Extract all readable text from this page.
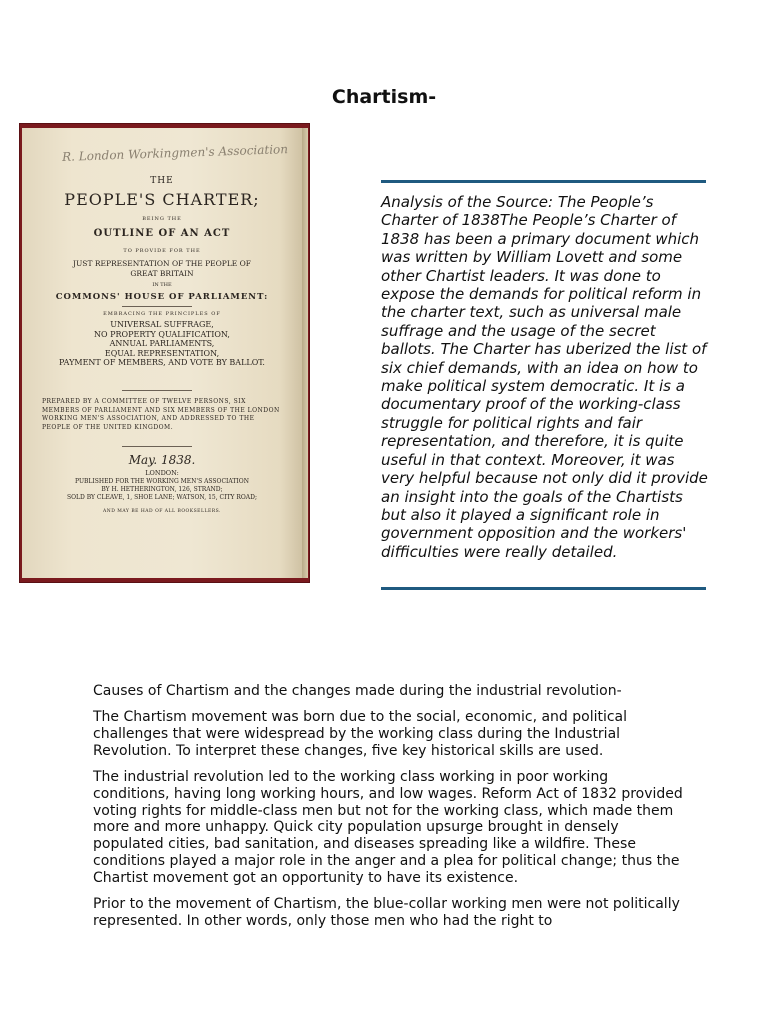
Chartism-
R. London Workingmen's Association
THE
PEOPLE'S CHARTER;
BEING THE
OUTLINE OF AN ACT
TO PROVIDE FOR THE
JUST REPRESENTATION OF THE PEOPLE OF
GREAT BRITAIN
IN THE
COMMONS' HOUSE OF PARLIAMENT:
EMBRACING THE PRINCIPLES OF
UNIVERSAL SUFFRAGE,
NO PROPERTY QUALIFICATION,
ANNUAL PARLIAMENTS,
EQUAL REPRESENTATION,
PAYMENT OF MEMBERS, AND VOTE BY BALLOT.
PREPARED BY A COMMITTEE OF TWELVE PERSONS, SIX MEMBERS OF PARLIAMENT AND SIX MEMBERS OF THE LONDON WORKING MEN'S ASSOCIATION, AND ADDRESSED TO THE PEOPLE OF THE UNITED KINGDOM.
May. 1838.
LONDON:
PUBLISHED FOR THE WORKING MEN'S ASSOCIATION
BY H. HETHERINGTON, 126, STRAND;
SOLD BY CLEAVE, 1, SHOE LANE; WATSON, 15, CITY ROAD;
AND MAY BE HAD OF ALL BOOKSELLERS.
Analysis of the Source: The People’s Charter of 1838The People’s Charter of 1838 has been a primary document which was written by William Lovett and some other Chartist leaders. It was done to expose the demands for political reform in the charter text, such as universal male suffrage and the usage of the secret ballots. The Charter has uberized the list of six chief demands, with an idea on how to make political system democratic. It is a documentary proof of the working-class struggle for political rights and fair representation, and therefore, it is quite useful in that context. Moreover, it was very helpful because not only did it provide an insight into the goals of the Chartists but also it played a significant role in government opposition and the workers' difficulties were really detailed.
Causes of Chartism and the changes made during the industrial revolution-
The Chartism movement was born due to the social, economic, and political challenges that were widespread by the working class during the Industrial Revolution. To interpret these changes, five key historical skills are used.
The industrial revolution led to the working class working in poor working conditions, having long working hours, and low wages. Reform Act of 1832 provided voting rights for middle-class men but not for the working class, which made them more and more unhappy. Quick city population upsurge brought in densely populated cities, bad sanitation, and diseases spreading like a wildfire. These conditions played a major role in the anger and a plea for political change; thus the Chartist movement got an opportunity to have its existence.
Prior to the movement of Chartism, the blue-collar working men were not politically represented. In other words, only those men who had the right to
